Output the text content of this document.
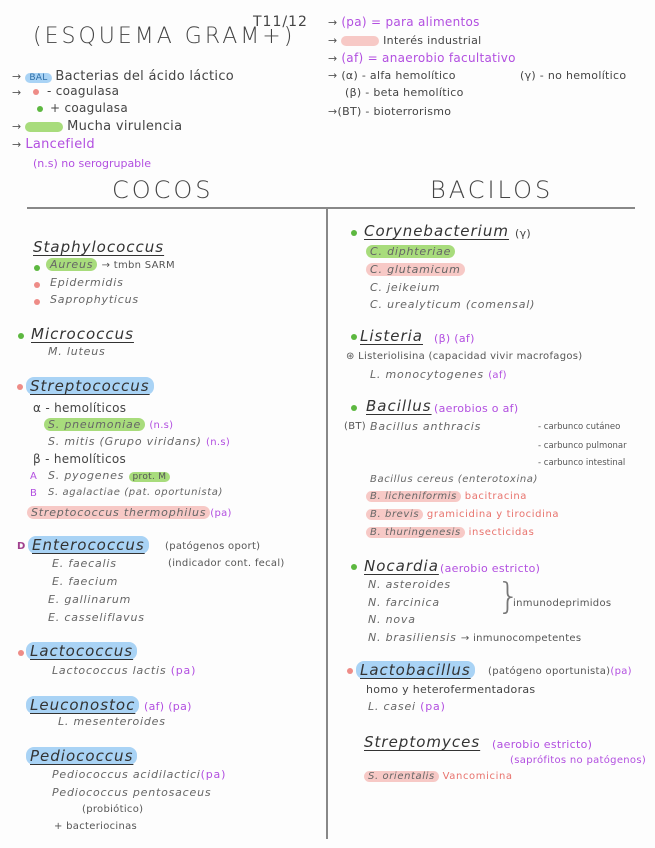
(ESQUEMA GRAM+)
T11/12
→ BAL Bacterias del ácido láctico
→ - coagulasa
+ coagulasa
→	Mucha virulencia
→ Lancefield
(n.s) no serogrupable
→ (pa) = para alimentos
→	Interés industrial
→ (af) = anaerobio facultativo
→ (α) - alfa hemolítico	(γ) - no hemolítico
(β) - beta hemolítico
→(BT) - bioterrorismo
COCOS	BACILOS
Staphylococcus
Aureus → tmbn SARM
Epidermidis
Saprophyticus
Micrococcus
M. luteus
Streptococcus
α - hemolíticos
S. pneumoniae (n.s)
S. mitis (Grupo viridans) (n.s)
β - hemolíticos
A S. pyogenes prot. M
B S. agalactiae (pat. oportunista)
Streptococcus thermophilus (pa)
D Enterococcus	(patógenos oport)
(indicador cont. fecal)
E. faecalis
E. faecium
E. gallinarum
E. casseliflavus
Lactococcus
Lactococcus lactis (pa)
Leuconostoc (af) (pa)
L. mesenteroides
Pediococcus
Pediococcus acidilactici(pa)
Pediococcus pentosaceus
(probiótico)
+ bacteriocinas
Corynebacterium (γ)
C. diphteriae
C. glutamicum
C. jeikeium
C. urealyticum (comensal)
Listeria (β) (af)
⊛ Listeriolisina (capacidad vivir macrofagos)
L. monocytogenes (af)
Bacillus (aerobios o af)
(BT) Bacillus anthracis	- carbunco cutáneo
- carbunco pulmonar
- carbunco intestinal
Bacillus cereus (enterotoxina)
B. licheniformis bacitracina
B. brevis gramicidina y tirocidina
B. thuringenesis insecticidas
Nocardia (aerobio estricto)
N. asteroides
N. farcinica
N. nova
}
inmunodeprimidos
N. brasiliensis → inmunocompetentes
Lactobacillus	(patógeno oportunista)(pa)
homo y heterofermentadoras
L. casei (pa)
Streptomyces (aerobio estricto)
(saprófitos no patógenos)
S. orientalis Vancomicina
